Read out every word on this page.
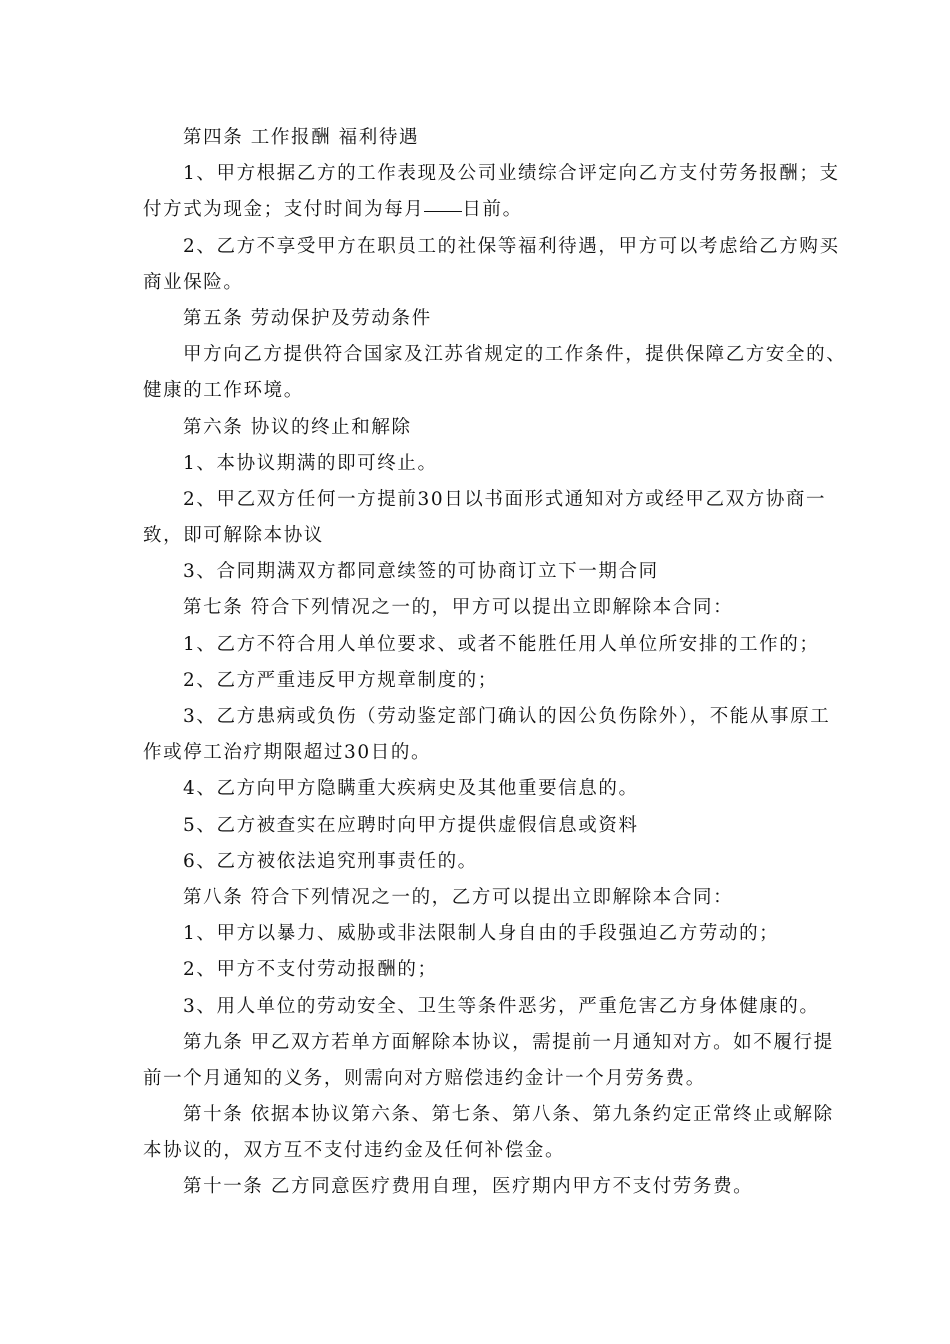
第四条 工作报酬 福利待遇
1、甲方根据乙方的工作表现及公司业绩综合评定向乙方支付劳务报酬；支
付方式为现金；支付时间为每月 日前。
2、乙方不享受甲方在职员工的社保等福利待遇，甲方可以考虑给乙方购买
商业保险。
第五条 劳动保护及劳动条件
甲方向乙方提供符合国家及江苏省规定的工作条件，提供保障乙方安全的、
健康的工作环境。
第六条 协议的终止和解除
1、本协议期满的即可终止。
2、甲乙双方任何一方提前30日以书面形式通知对方或经甲乙双方协商一
致，即可解除本协议
3、合同期满双方都同意续签的可协商订立下一期合同
第七条 符合下列情况之一的，甲方可以提出立即解除本合同：
1、乙方不符合用人单位要求、或者不能胜任用人单位所安排的工作的；
2、乙方严重违反甲方规章制度的；
3、乙方患病或负伤（劳动鉴定部门确认的因公负伤除外），不能从事原工
作或停工治疗期限超过30日的。
4、乙方向甲方隐瞒重大疾病史及其他重要信息的。
5、乙方被查实在应聘时向甲方提供虚假信息或资料
6、乙方被依法追究刑事责任的。
第八条 符合下列情况之一的，乙方可以提出立即解除本合同：
1、甲方以暴力、威胁或非法限制人身自由的手段强迫乙方劳动的；
2、甲方不支付劳动报酬的；
3、用人单位的劳动安全、卫生等条件恶劣，严重危害乙方身体健康的。
第九条 甲乙双方若单方面解除本协议，需提前一月通知对方。如不履行提
前一个月通知的义务，则需向对方赔偿违约金计一个月劳务费。
第十条 依据本协议第六条、第七条、第八条、第九条约定正常终止或解除
本协议的，双方互不支付违约金及任何补偿金。
第十一条 乙方同意医疗费用自理，医疗期内甲方不支付劳务费。
